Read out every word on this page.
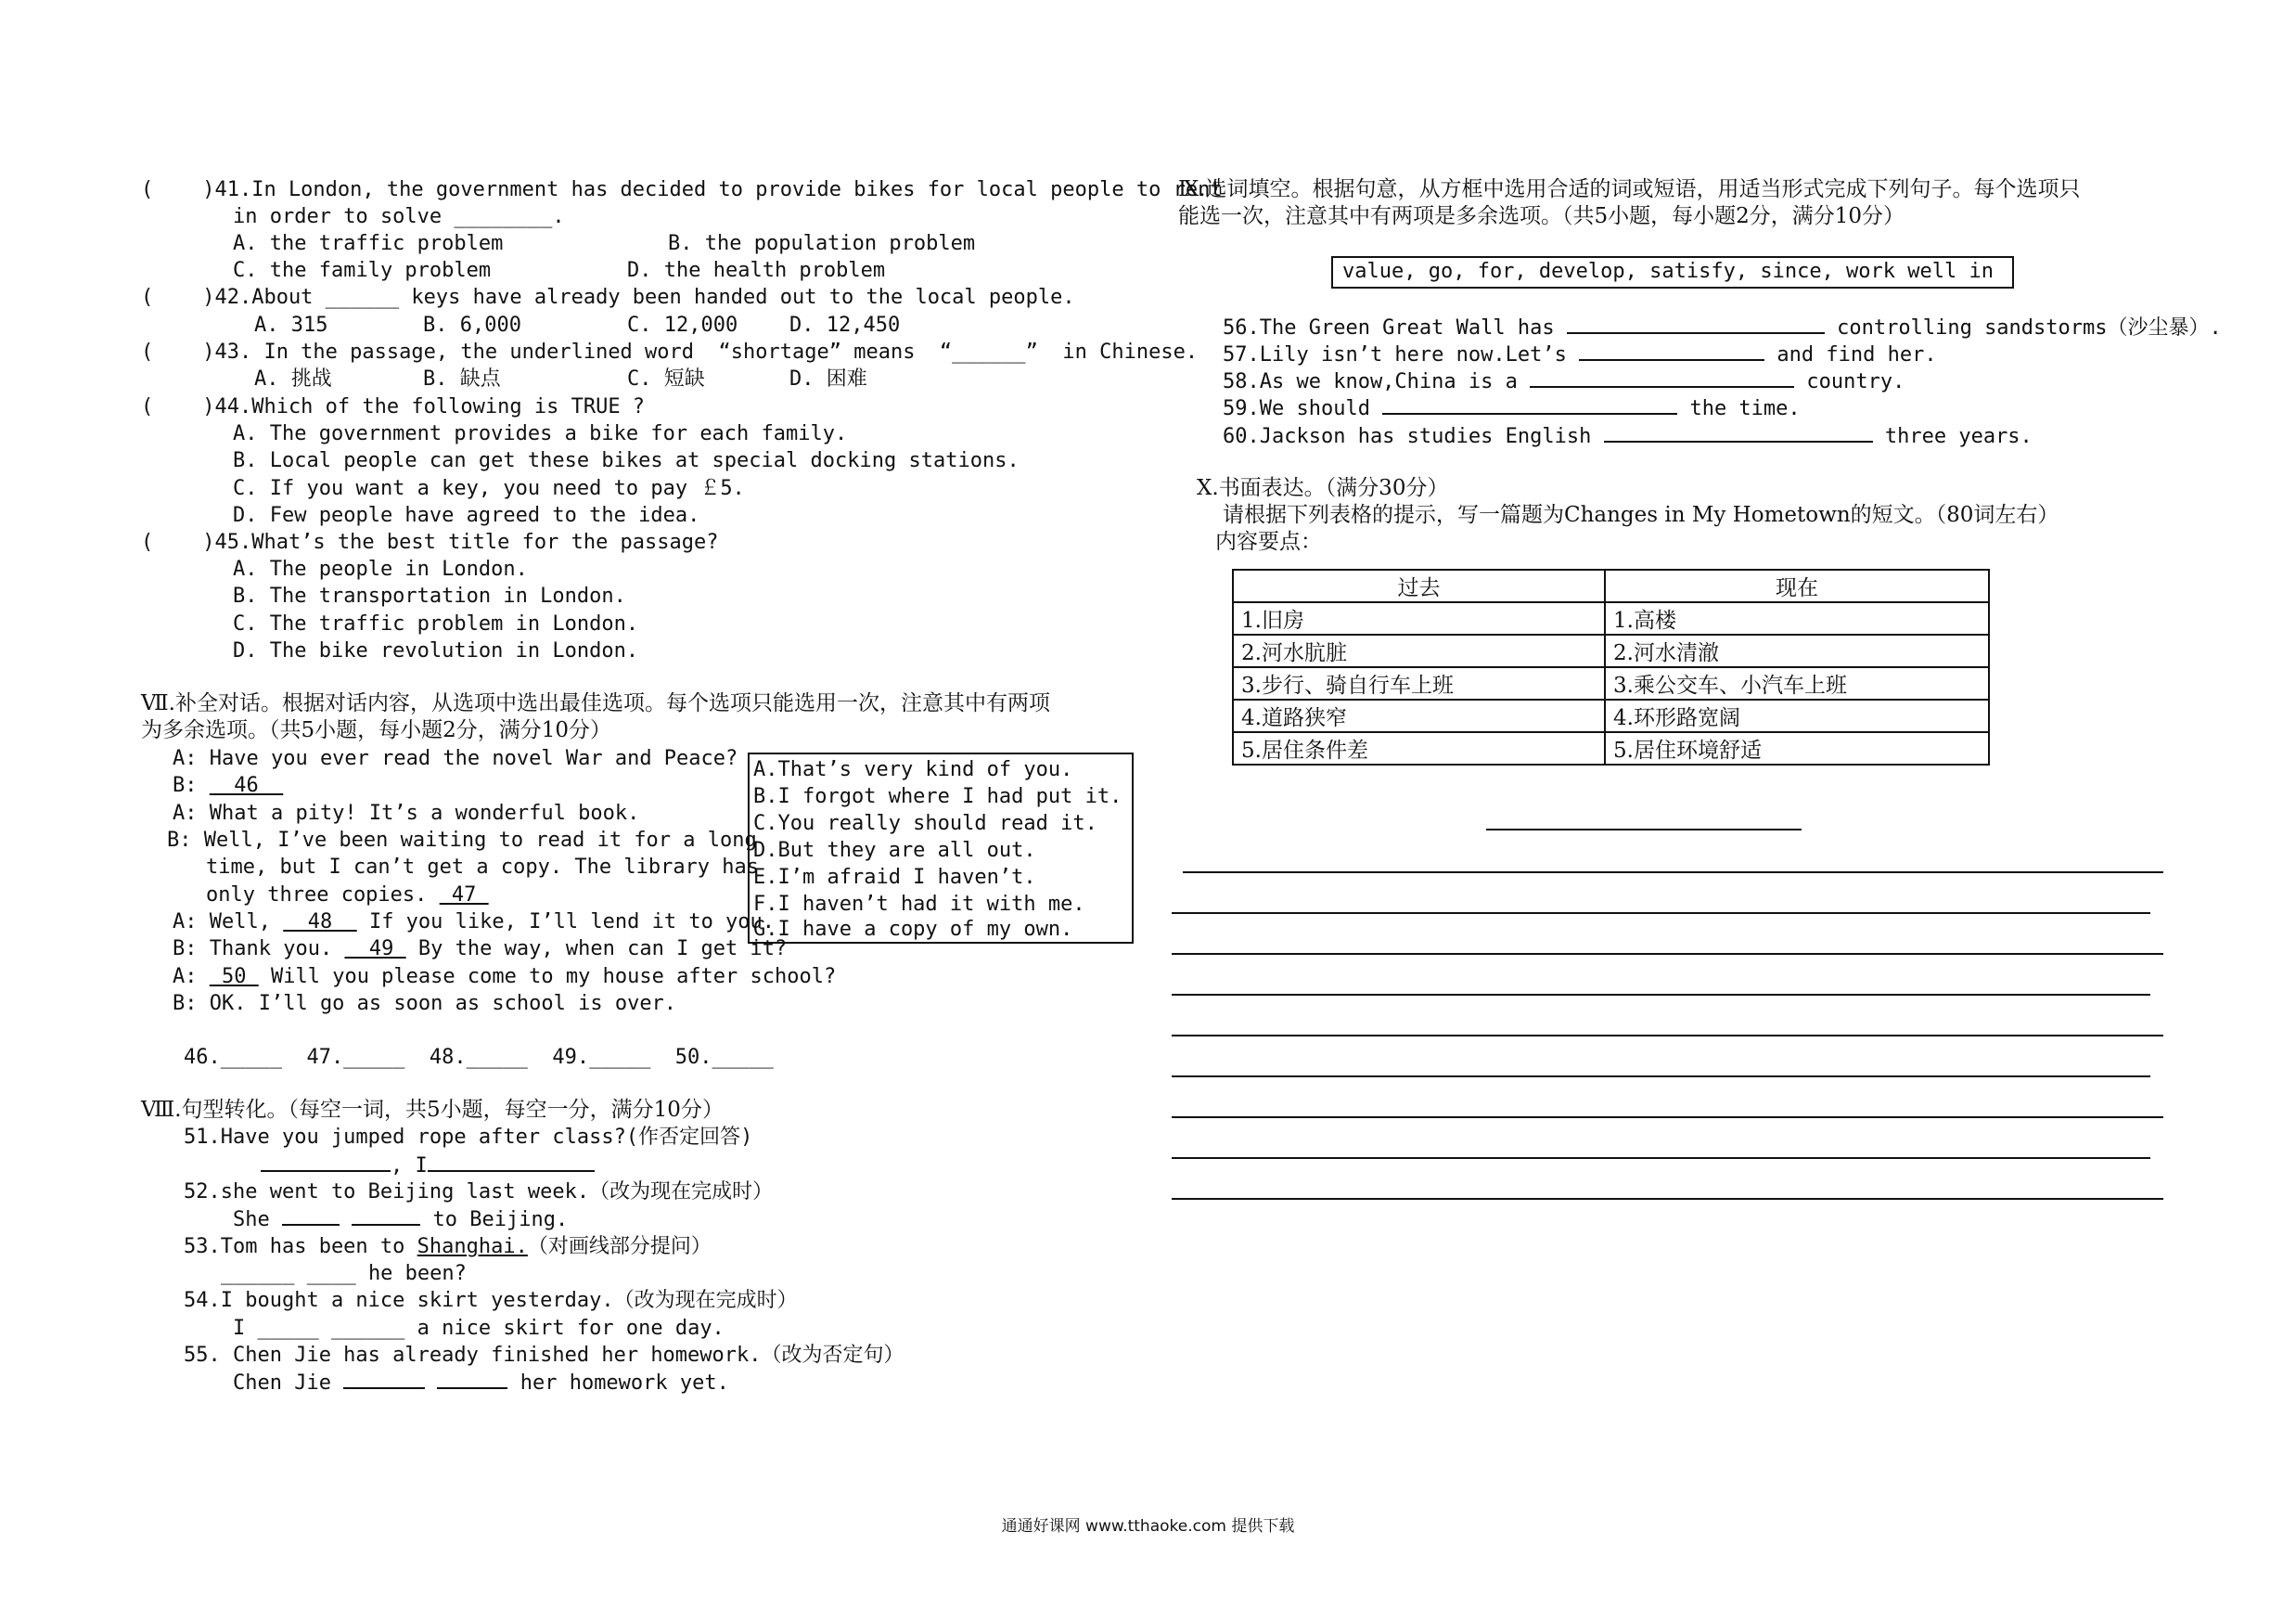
(    )41.In London, the government has decided to provide bikes for local people to rent
in order to solve ________.
A. the traffic problem	B. the population problem
C. the family problem	D. the health problem
(    )42.About ______ keys have already been handed out to the local people.
A. 315	B. 6,000	C. 12,000	D. 12,450
(    )43. In the passage, the underlined word  “shortage” means  “______”  in Chinese.
A. 挑战	B. 缺点	C. 短缺	D. 困难
(    )44.Which of the following is TRUE ?
A. The government provides a bike for each family.
B. Local people can get these bikes at special docking stations.
C. If you want a key, you need to pay ￡5.
D. Few people have agreed to the idea.
(    )45.What’s the best title for the passage?
A. The people in London.
B. The transportation in London.
C. The traffic problem in London.
D. The bike revolution in London.
Ⅶ.补全对话。根据对话内容，从选项中选出最佳选项。每个选项只能选用一次，注意其中有两项
为多余选项。（共5小题，每小题2分，满分10分）
A: Have you ever read the novel War and Peace?
B:   46
A: What a pity! It’s a wonderful book.
B: Well, I’ve been waiting to read it for a long
time, but I can’t get a copy. The library has
only three copies.  47
A: Well,   48   If you like, I’ll lend it to you.
B: Thank you.   49  By the way, when can I get it?
A:  50  Will you please come to my house after school?
B: OK. I’ll go as soon as school is over.
A.That’s very kind of you.
B.I forgot where I had put it.
C.You really should read it.
D.But they are all out.
E.I’m afraid I haven’t.
F.I haven’t had it with me.
G.I have a copy of my own.
46._____  47._____  48._____  49._____  50._____
Ⅷ.句型转化。（每空一词，共5小题，每空一分，满分10分）
51.Have you jumped rope after class?(作否定回答)
, I
52.she went to Beijing last week.（改为现在完成时）
She	to Beijing.
53.Tom has been to Shanghai.（对画线部分提问）
______ ____ he been?
54.I bought a nice skirt yesterday.（改为现在完成时）
I _____ ______ a nice skirt for one day.
55. Chen Jie has already finished her homework.（改为否定句）
Chen Jie	her homework yet.
Ⅸ.选词填空。根据句意，从方框中选用合适的词或短语，用适当形式完成下列句子。每个选项只
能选一次，注意其中有两项是多余选项。（共5小题，每小题2分，满分10分）
value, go, for, develop, satisfy, since, work well in
56.The Green Great Wall has	controlling sandstorms（沙尘暴）.
57.Lily isn’t here now.Let’s	and find her.
58.As we know,China is a	country.
59.We should	the time.
60.Jackson has studies English	three years.
Ⅹ.书面表达。（满分30分）
请根据下列表格的提示，写一篇题为Changes in My Hometown的短文。（80词左右）
内容要点：
过去	现在
1.旧房	1.高楼
2.河水肮脏	2.河水清澈
3.步行、骑自行车上班	3.乘公交车、小汽车上班
4.道路狭窄	4.环形路宽阔
5.居住条件差	5.居住环境舒适
通通好课网 www.tthaoke.com 提供下载
